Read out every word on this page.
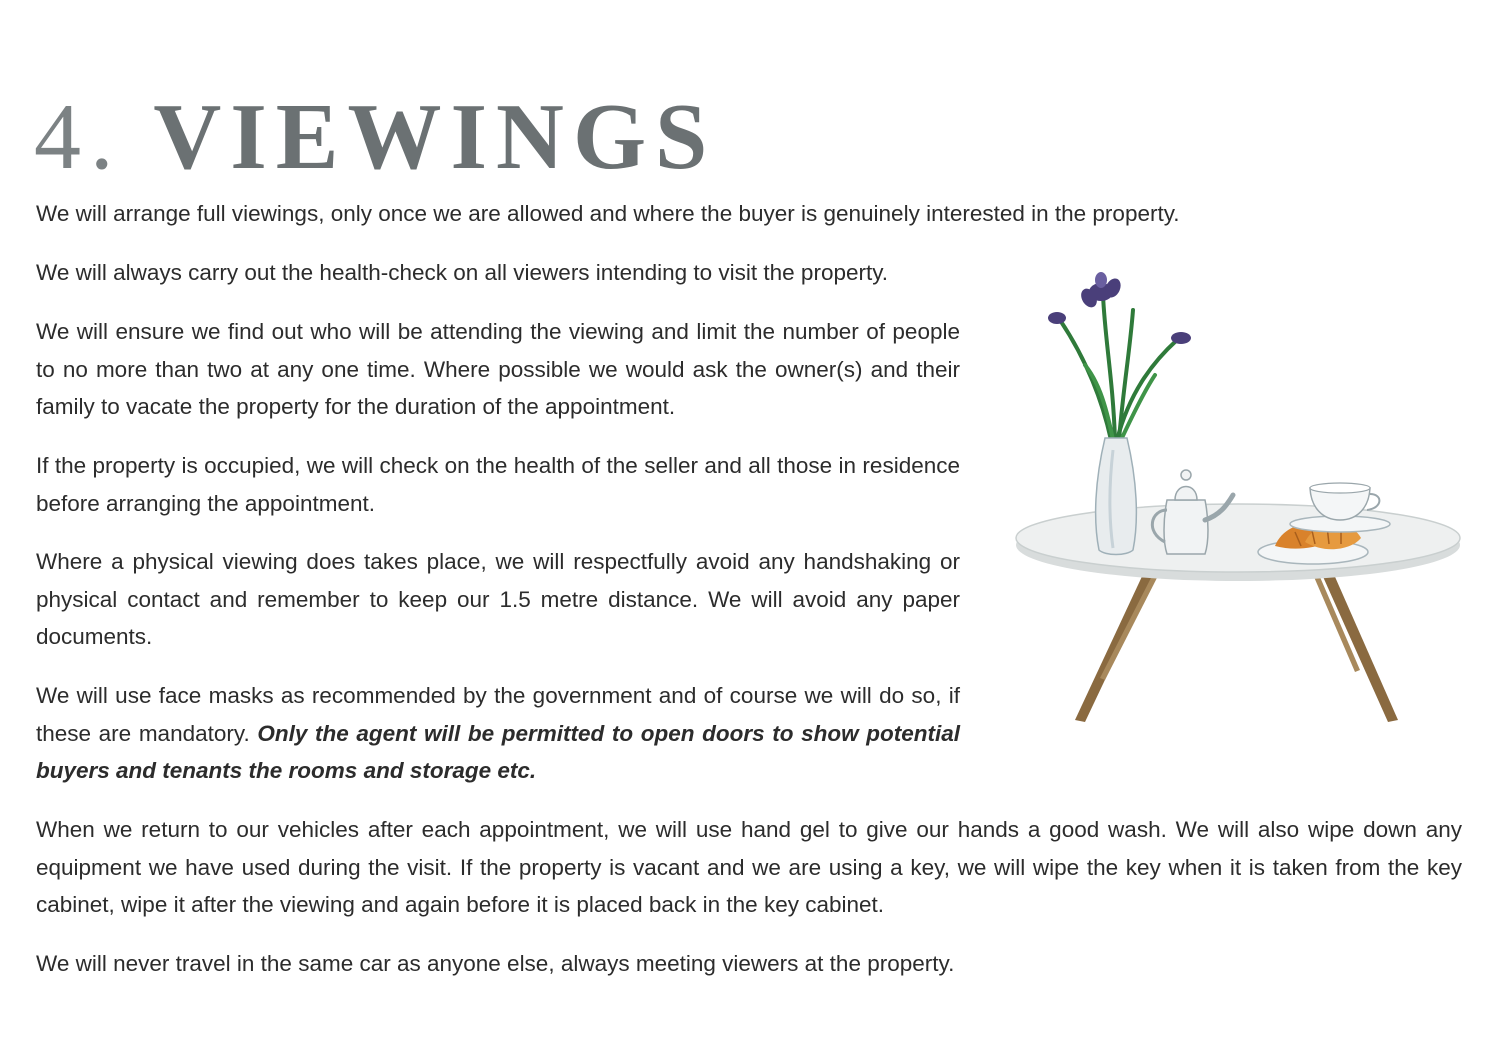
4. VIEWINGS

We will arrange full viewings, only once we are allowed and where the buyer is genuinely interested in the property.

We will always carry out the health-check on all viewers intending to visit the property.

We will ensure we find out who will be attending the viewing and limit the number of people to no more than two at any one time. Where possible we would ask the owner(s) and their family to vacate the property for the duration of the appointment.

If the property is occupied, we will check on the health of the seller and all those in residence before arranging the appointment.

Where a physical viewing does takes place, we will respectfully avoid any handshaking or physical contact and remember to keep our 1.5 metre distance. We will avoid any paper documents.

We will use face masks as recommended by the government and of course we will do so, if these are mandatory. Only the agent will be permitted to open doors to show potential buyers and tenants the rooms and storage etc.

When we return to our vehicles after each appointment, we will use hand gel to give our hands a good wash. We will also wipe down any equipment we have used during the visit. If the property is vacant and we are using a key, we will wipe the key when it is taken from the key cabinet, wipe it after the viewing and again before it is placed back in the key cabinet.

We will never travel in the same car as anyone else, always meeting viewers at the property.
